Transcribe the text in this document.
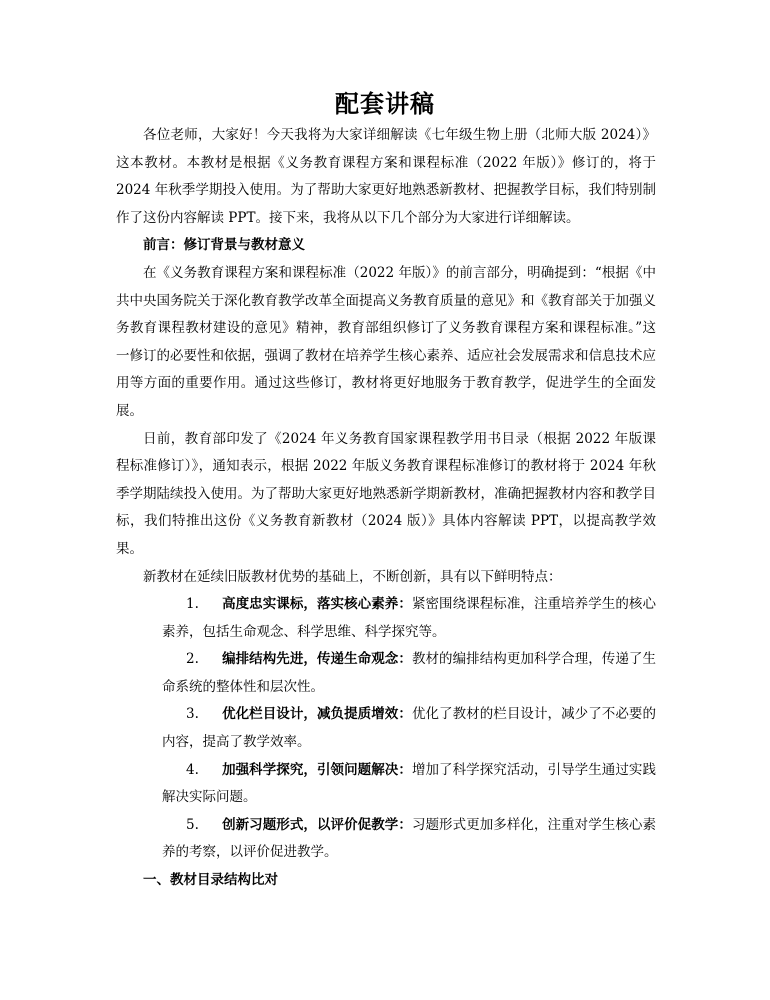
配套讲稿

各位老师，大家好！今天我将为大家详细解读《七年级生物上册（北师大版 2024）》这本教材。本教材是根据《义务教育课程方案和课程标准（2022 年版）》修订的，将于 2024 年秋季学期投入使用。为了帮助大家更好地熟悉新教材、把握教学目标，我们特别制作了这份内容解读 PPT。接下来，我将从以下几个部分为大家进行详细解读。

前言：修订背景与教材意义

在《义务教育课程方案和课程标准（2022 年版）》的前言部分，明确提到：“根据《中共中央国务院关于深化教育教学改革全面提高义务教育质量的意见》和《教育部关于加强义务教育课程教材建设的意见》精神，教育部组织修订了义务教育课程方案和课程标准。”这一修订的必要性和依据，强调了教材在培养学生核心素养、适应社会发展需求和信息技术应用等方面的重要作用。通过这些修订，教材将更好地服务于教育教学，促进学生的全面发展。

日前，教育部印发了《2024 年义务教育国家课程教学用书目录（根据 2022 年版课程标准修订）》，通知表示，根据 2022 年版义务教育课程标准修订的教材将于 2024 年秋季学期陆续投入使用。为了帮助大家更好地熟悉新学期新教材，准确把握教材内容和教学目标，我们特推出这份《义务教育新教材（2024 版）》具体内容解读 PPT，以提高教学效果。

新教材在延续旧版教材优势的基础上，不断创新，具有以下鲜明特点：

1. 高度忠实课标，落实核心素养：紧密围绕课程标准，注重培养学生的核心素养，包括生命观念、科学思维、科学探究等。

2. 编排结构先进，传递生命观念：教材的编排结构更加科学合理，传递了生命系统的整体性和层次性。

3. 优化栏目设计，减负提质增效：优化了教材的栏目设计，减少了不必要的内容，提高了教学效率。

4. 加强科学探究，引领问题解决：增加了科学探究活动，引导学生通过实践解决实际问题。

5. 创新习题形式，以评价促教学：习题形式更加多样化，注重对学生核心素养的考察，以评价促进教学。

一、教材目录结构比对
